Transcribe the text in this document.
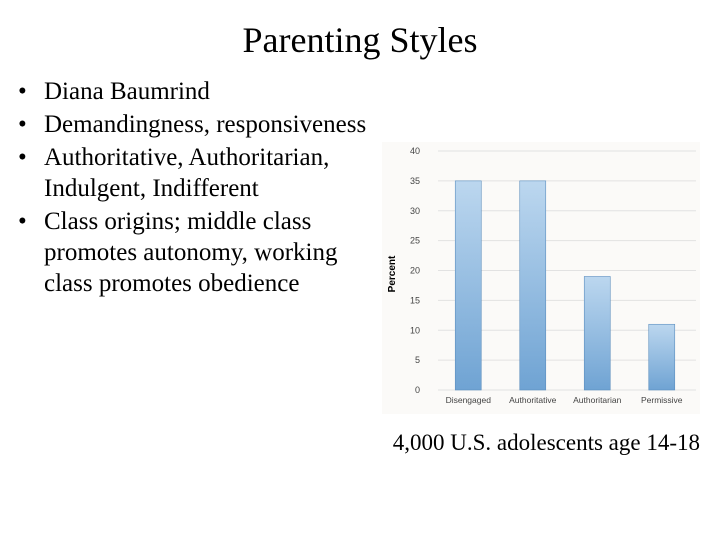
Parenting Styles
• Diana Baumrind
• Demandingness, responsiveness
• Authoritative, Authoritarian, Indulgent, Indifferent
• Class origins; middle class promotes autonomy, working class promotes obedience
0
5
10
15
20
25
30
35
40
Disengaged Authoritative Authoritarian Permissive
Percent
4,000 U.S. adolescents age 14-18
